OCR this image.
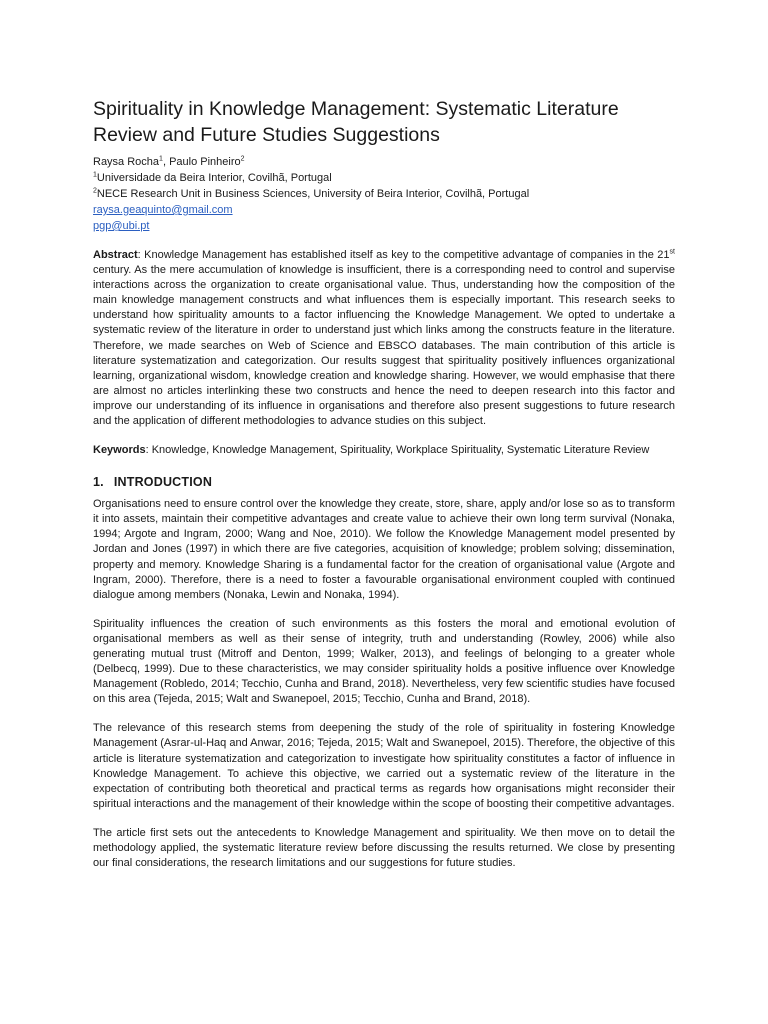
Spirituality in Knowledge Management: Systematic Literature Review and Future Studies Suggestions
Raysa Rocha$^1$, Paulo Pinheiro$^2$
$^1$Universidade da Beira Interior, Covilhã, Portugal
$^2$NECE Research Unit in Business Sciences, University of Beira Interior, Covilhã, Portugal
raysa.geaquinto@gmail.com
pgp@ubi.pt
Abstract: Knowledge Management has established itself as key to the competitive advantage of companies in the 21st century. As the mere accumulation of knowledge is insufficient, there is a corresponding need to control and supervise interactions across the organization to create organisational value. Thus, understanding how the composition of the main knowledge management constructs and what influences them is especially important. This research seeks to understand how spirituality amounts to a factor influencing the Knowledge Management. We opted to undertake a systematic review of the literature in order to understand just which links among the constructs feature in the literature. Therefore, we made searches on Web of Science and EBSCO databases. The main contribution of this article is literature systematization and categorization. Our results suggest that spirituality positively influences organizational learning, organizational wisdom, knowledge creation and knowledge sharing. However, we would emphasise that there are almost no articles interlinking these two constructs and hence the need to deepen research into this factor and improve our understanding of its influence in organisations and therefore also present suggestions to future research and the application of different methodologies to advance studies on this subject.
Keywords: Knowledge, Knowledge Management, Spirituality, Workplace Spirituality, Systematic Literature Review
1. INTRODUCTION

Organisations need to ensure control over the knowledge they create, store, share, apply and/or lose so as to transform it into assets, maintain their competitive advantages and create value to achieve their own long term survival (Nonaka, 1994; Argote and Ingram, 2000; Wang and Noe, 2010). We follow the Knowledge Management model presented by Jordan and Jones (1997) in which there are five categories, acquisition of knowledge; problem solving; dissemination, property and memory. Knowledge Sharing is a fundamental factor for the creation of organisational value (Argote and Ingram, 2000). Therefore, there is a need to foster a favourable organisational environment coupled with continued dialogue among members (Nonaka, Lewin and Nonaka, 1994).

Spirituality influences the creation of such environments as this fosters the moral and emotional evolution of organisational members as well as their sense of integrity, truth and understanding (Rowley, 2006) while also generating mutual trust (Mitroff and Denton, 1999; Walker, 2013), and feelings of belonging to a greater whole (Delbecq, 1999). Due to these characteristics, we may consider spirituality holds a positive influence over Knowledge Management (Robledo, 2014; Tecchio, Cunha and Brand, 2018). Nevertheless, very few scientific studies have focused on this area (Tejeda, 2015; Walt and Swanepoel, 2015; Tecchio, Cunha and Brand, 2018).

The relevance of this research stems from deepening the study of the role of spirituality in fostering Knowledge Management (Asrar-ul-Haq and Anwar, 2016; Tejeda, 2015; Walt and Swanepoel, 2015). Therefore, the objective of this article is literature systematization and categorization to investigate how spirituality constitutes a factor of influence in Knowledge Management. To achieve this objective, we carried out a systematic review of the literature in the expectation of contributing both theoretical and practical terms as regards how organisations might reconsider their spiritual interactions and the management of their knowledge within the scope of boosting their competitive advantages.

The article first sets out the antecedents to Knowledge Management and spirituality. We then move on to detail the methodology applied, the systematic literature review before discussing the results returned. We close by presenting our final considerations, the research limitations and our suggestions for future studies.
